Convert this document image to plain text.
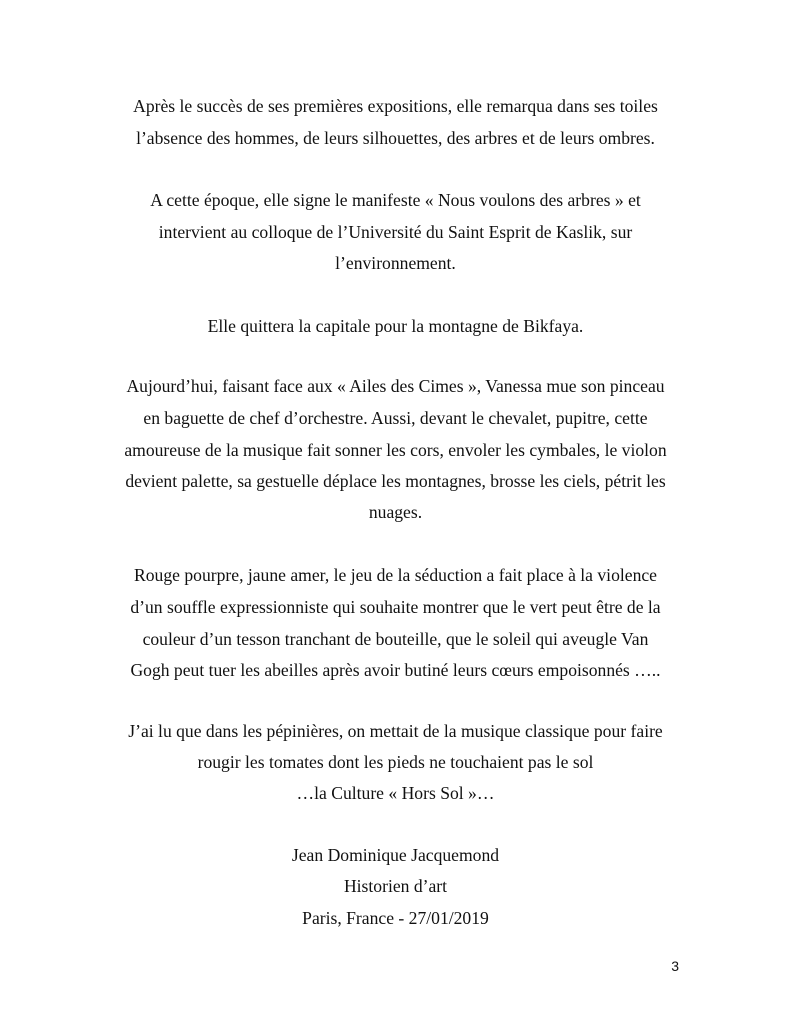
Après le succès de ses premières expositions, elle remarqua dans ses toiles
l’absence des hommes, de leurs silhouettes, des arbres et de leurs ombres.
A cette époque, elle signe le manifeste « Nous voulons des arbres » et
intervient au colloque de l’Université du Saint Esprit de Kaslik, sur
l’environnement.
Elle quittera la capitale pour la montagne de Bikfaya.
Aujourd’hui, faisant face aux « Ailes des Cimes », Vanessa mue son pinceau
en baguette de chef d’orchestre. Aussi, devant le chevalet, pupitre, cette
amoureuse de la musique fait sonner les cors, envoler les cymbales, le violon
devient palette, sa gestuelle déplace les montagnes, brosse les ciels, pétrit les
nuages.
Rouge pourpre, jaune amer, le jeu de la séduction a fait place à la violence
d’un souffle expressionniste qui souhaite montrer que le vert peut être de la
couleur d’un tesson tranchant de bouteille, que le soleil qui aveugle Van
Gogh peut tuer les abeilles après avoir butiné leurs cœurs empoisonnés …..
J’ai lu que dans les pépinières, on mettait de la musique classique pour faire
rougir les tomates dont les pieds ne touchaient pas le sol
…la Culture « Hors Sol »…
Jean Dominique Jacquemond
Historien d’art
Paris, France - 27/01/2019
3
